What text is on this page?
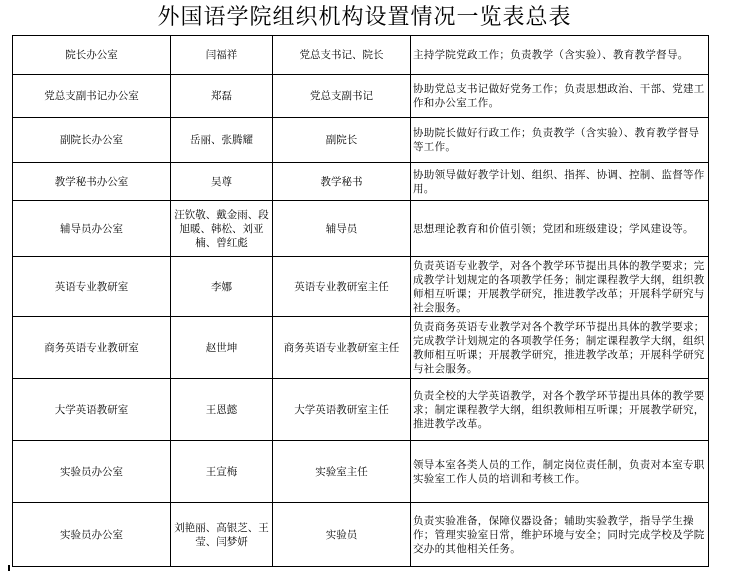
外国语学院组织机构设置情况一览表总表
院长办公室	闫福祥	党总支书记、院长	主持学院党政工作；负责教学（含实验）、教育教学督导。
党总支副书记办公室	郑磊	党总支副书记	协助党总支书记做好党务工作；负责思想政治、干部、党建工作和办公室工作。
副院长办公室	岳丽、张腾耀	副院长	协助院长做好行政工作；负责教学（含实验）、教育教学督导等工作。
教学秘书办公室	吴尊	教学秘书	协助领导做好教学计划、组织、指挥、协调、控制、监督等作用。
辅导员办公室	汪钦敬、戴金雨、段旭暖、韩松、刘亚楠、曾红彪	辅导员	思想理论教育和价值引领；党团和班级建设；学风建设等。
英语专业教研室	李娜	英语专业教研室主任	负责英语专业教学，对各个教学环节提出具体的教学要求；完成教学计划规定的各项教学任务；制定课程教学大纲，组织教师相互听课；开展教学研究，推进教学改革；开展科学研究与社会服务。
商务英语专业教研室	赵世坤	商务英语专业教研室主任	负责商务英语专业教学对各个教学环节提出具体的教学要求；完成教学计划规定的各项教学任务；制定课程教学大纲，组织教师相互听课；开展教学研究，推进教学改革；开展科学研究与社会服务。
大学英语教研室	王恩懿	大学英语教研室主任	负责全校的大学英语教学，对各个教学环节提出具体的教学要求；制定课程教学大纲，组织教师相互听课；开展教学研究，推进教学改革。
实验员办公室	王宣梅	实验室主任	领导本室各类人员的工作，制定岗位责任制，负责对本室专职实验室工作人员的培训和考核工作。
实验员办公室	刘艳丽、高银芝、王莹、闫梦妍	实验员	负责实验准备，保障仪器设备；辅助实验教学，指导学生操作；管理实验室日常，维护环境与安全；同时完成学校及学院交办的其他相关任务。
